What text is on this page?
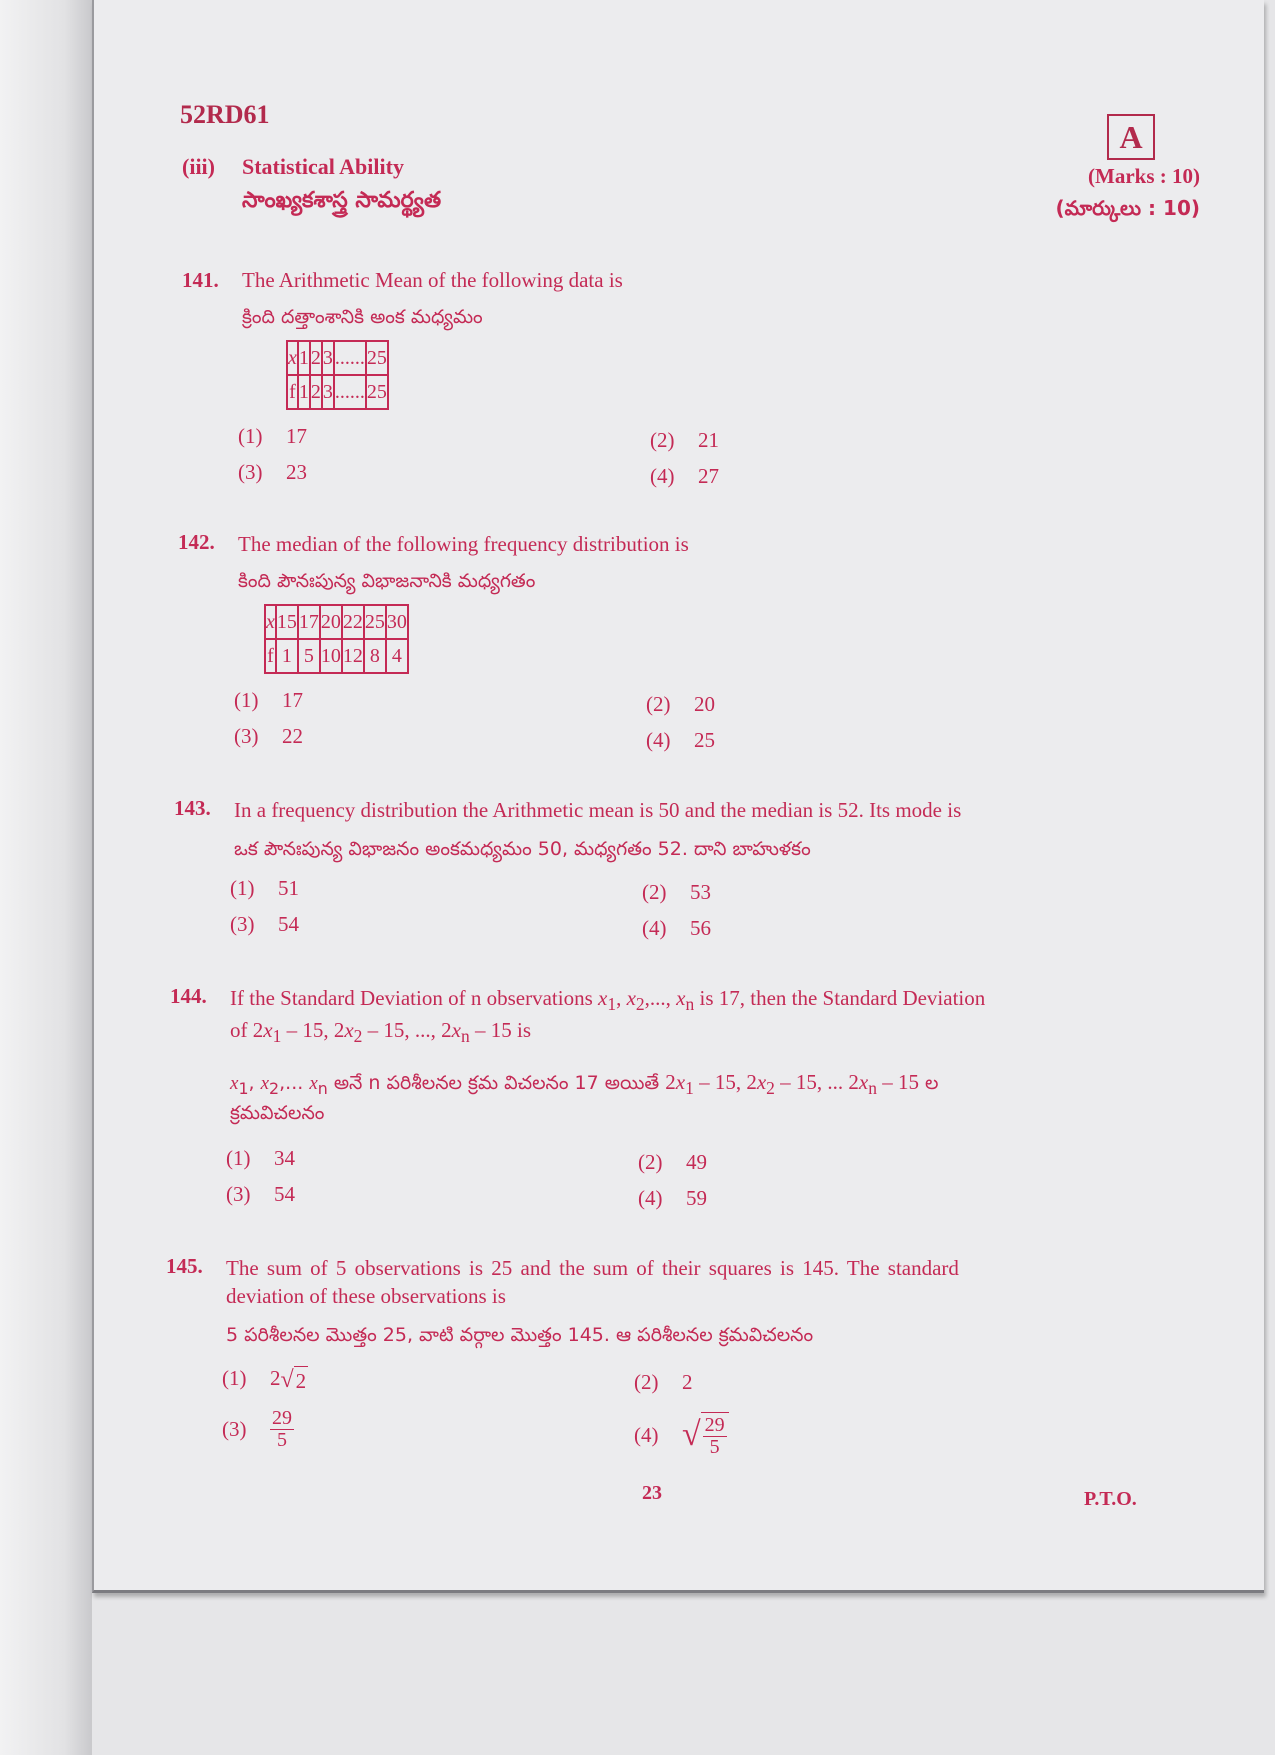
52RD61
A
(iii) Statistical Ability
సాంఖ్యకశాస్త్ర సామర్థ్యత
(Marks : 10)
(మార్కులు : 10)
141. The Arithmetic Mean of the following data is
క్రింది దత్తాంశానికి అంక మధ్యమం
x	1	2	3	......	25
f	1	2	3	......	25
(1) 17	(2) 21
(3) 23	(4) 27
142. The median of the following frequency distribution is
కింది పౌనఃపున్య విభాజనానికి మధ్యగతం
x	15	17	20	22	25	30
f	1	5	10	12	8	4
(1) 17	(2) 20
(3) 22	(4) 25
143. In a frequency distribution the Arithmetic mean is 50 and the median is 52. Its mode is
ఒక పౌనఃపున్య విభాజనం అంకమధ్యమం 50, మధ్యగతం 52. దాని బాహుళకం
(1) 51	(2) 53
(3) 54	(4) 56
144. If the Standard Deviation of n observations $x_1$, $x_2$,..., $x_n$ is 17, then the Standard Deviation
of $2x_1 - 15$, $2x_2 - 15$, ..., $2x_n - 15$ is
$x_1$, $x_2$,... $x_n$ అనే n పరిశీలనల క్రమ విచలనం 17 అయితే $2x_1 - 15$, $2x_2 - 15$, ... $2x_n - 15$ ల
క్రమవిచలనం
(1) 34	(2) 49
(3) 54	(4) 59
145. The sum of 5 observations is 25 and the sum of their squares is 145. The standard
deviation of these observations is
5 పరిశీలనల మొత్తం 25, వాటి వర్గాల మొత్తం 145. ఆ పరిశీలనల క్రమవిచలనం
(1) 2 √ 2	(2) 2
$(3) \frac{29}{5}$	(4) √ $\frac{29}{5}$
23	P.T.O.
